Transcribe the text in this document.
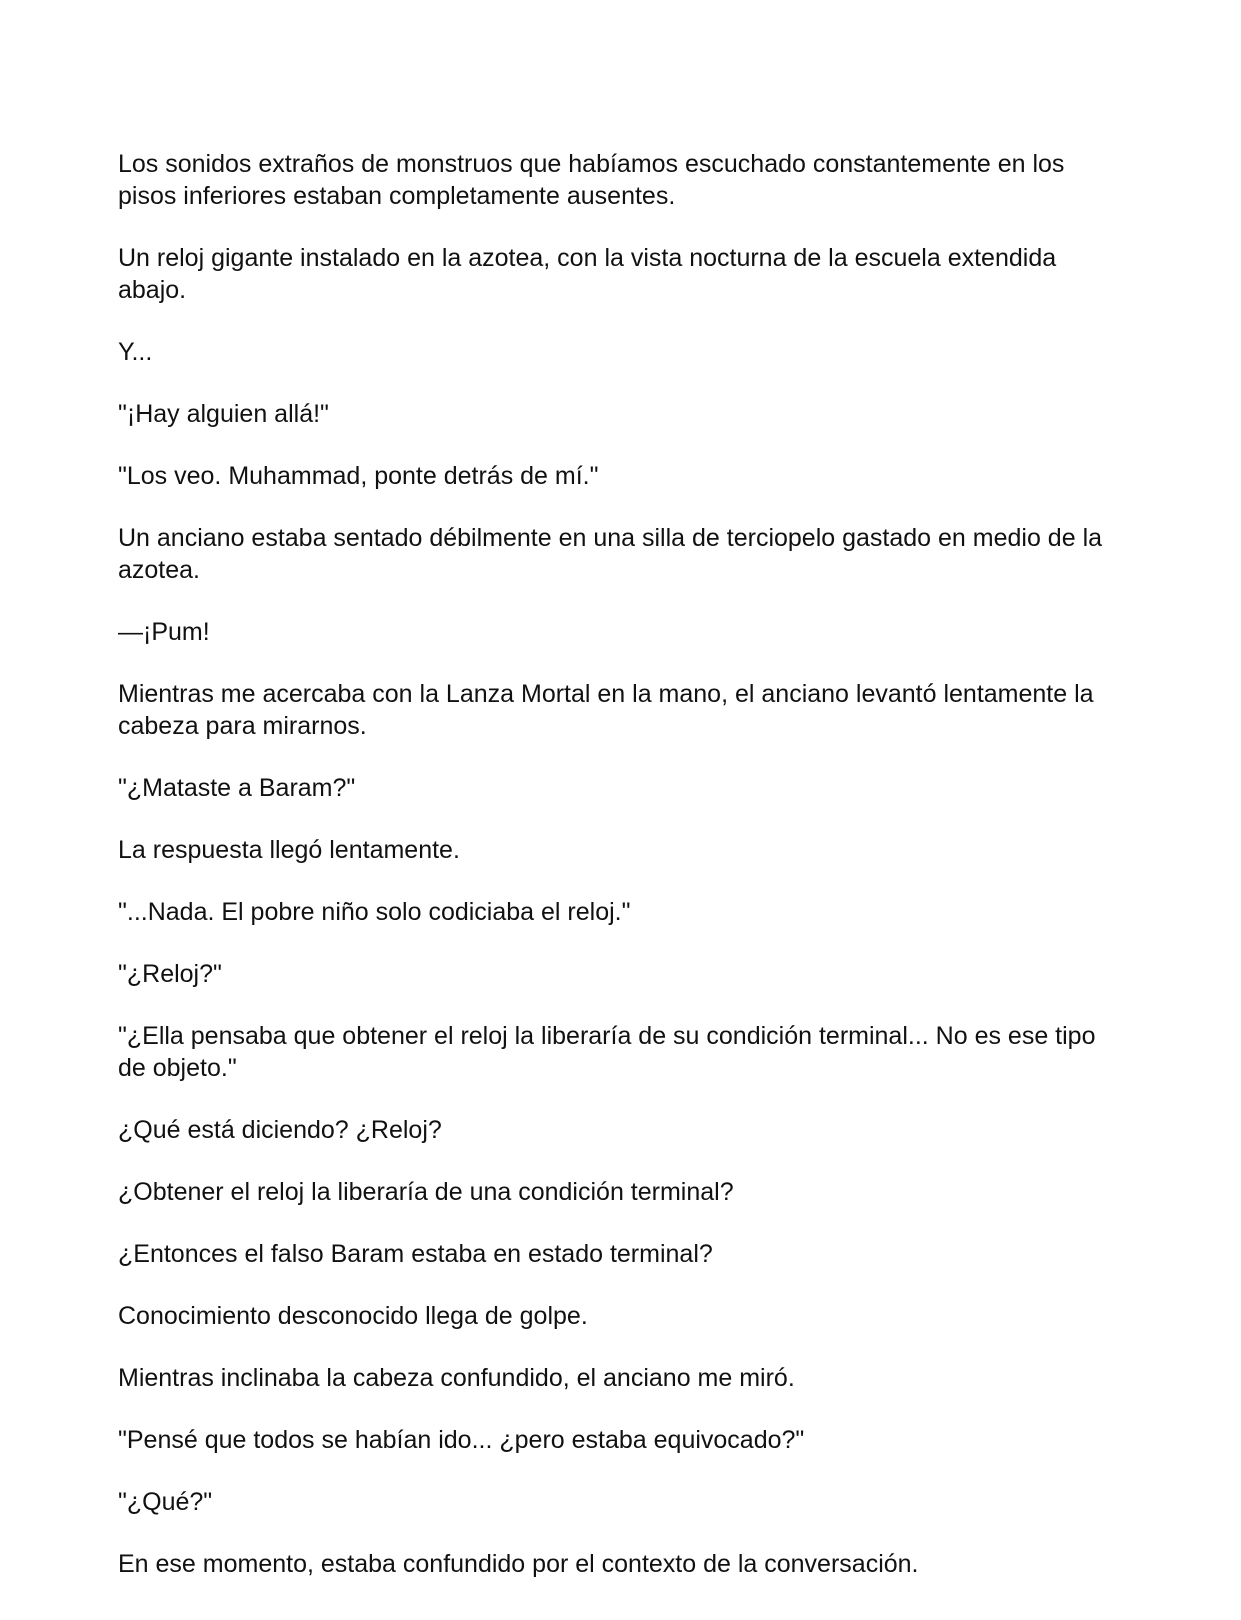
Los sonidos extraños de monstruos que habíamos escuchado constantemente en los pisos inferiores estaban completamente ausentes.

Un reloj gigante instalado en la azotea, con la vista nocturna de la escuela extendida abajo.

Y...

"¡Hay alguien allá!"

"Los veo. Muhammad, ponte detrás de mí."

Un anciano estaba sentado débilmente en una silla de terciopelo gastado en medio de la azotea.

—¡Pum!

Mientras me acercaba con la Lanza Mortal en la mano, el anciano levantó lentamente la cabeza para mirarnos.

"¿Mataste a Baram?"

La respuesta llegó lentamente.

"...Nada. El pobre niño solo codiciaba el reloj."

"¿Reloj?"

"¿Ella pensaba que obtener el reloj la liberaría de su condición terminal... No es ese tipo de objeto."

¿Qué está diciendo? ¿Reloj?

¿Obtener el reloj la liberaría de una condición terminal?

¿Entonces el falso Baram estaba en estado terminal?

Conocimiento desconocido llega de golpe.

Mientras inclinaba la cabeza confundido, el anciano me miró.

"Pensé que todos se habían ido... ¿pero estaba equivocado?"

"¿Qué?"

En ese momento, estaba confundido por el contexto de la conversación.
